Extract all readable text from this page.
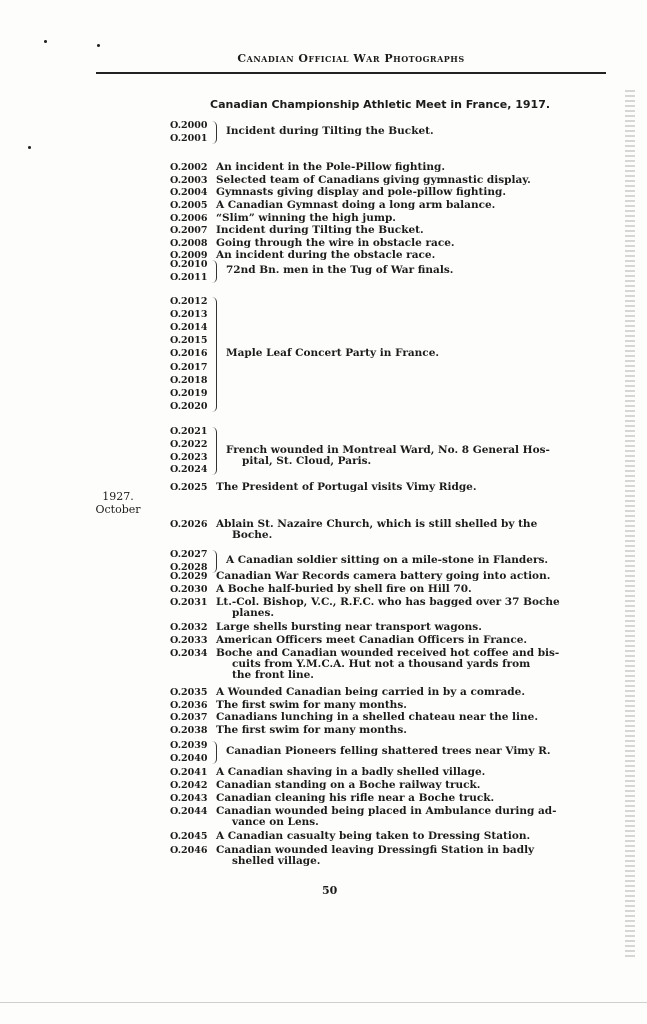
Canadian Official War Photographs
Canadian Championship Athletic Meet in France, 1917.
1927.
October
O.2000
O.2001
Incident during Tilting the Bucket.
O.2002 An incident in the Pole-Pillow fighting.
O.2003 Selected team of Canadians giving gymnastic display.
O.2004 Gymnasts giving display and pole-pillow fighting.
O.2005 A Canadian Gymnast doing a long arm balance.
O.2006 “Slim” winning the high jump.
O.2007 Incident during Tilting the Bucket.
O.2008 Going through the wire in obstacle race.
O.2009 An incident during the obstacle race.
O.2010
O.2011
72nd Bn. men in the Tug of War finals.
O.2012
O.2013
O.2014
O.2015
O.2016
O.2017
O.2018
O.2019
O.2020
Maple Leaf Concert Party in France.
O.2021
O.2022
O.2023
O.2024
French wounded in Montreal Ward, No. 8 General Hos-
pital, St. Cloud, Paris.
O.2025 The President of Portugal visits Vimy Ridge.
O.2026 Ablain St. Nazaire Church, which is still shelled by the
Boche.
O.2027
O.2028
A Canadian soldier sitting on a mile-stone in Flanders.
O.2029 Canadian War Records camera battery going into action.
O.2030 A Boche half-buried by shell fire on Hill 70.
O.2031 Lt.-Col. Bishop, V.C., R.F.C. who has bagged over 37 Boche
planes.
O.2032 Large shells bursting near transport wagons.
O.2033 American Officers meet Canadian Officers in France.
O.2034 Boche and Canadian wounded received hot coffee and bis-
cuits from Y.M.C.A. Hut not a thousand yards from
the front line.
O.2035 A Wounded Canadian being carried in by a comrade.
O.2036 The first swim for many months.
O.2037 Canadians lunching in a shelled chateau near the line.
O.2038 The first swim for many months.
O.2039
O.2040
Canadian Pioneers felling shattered trees near Vimy R.
O.2041 A Canadian shaving in a badly shelled village.
O.2042 Canadian standing on a Boche railway truck.
O.2043 Canadian cleaning his rifle near a Boche truck.
O.2044 Canadian wounded being placed in Ambulance during ad-
vance on Lens.
O.2045 A Canadian casualty being taken to Dressing Station.
O.2046 Canadian wounded leaving Dressingfi Station in badly
shelled village.
50
